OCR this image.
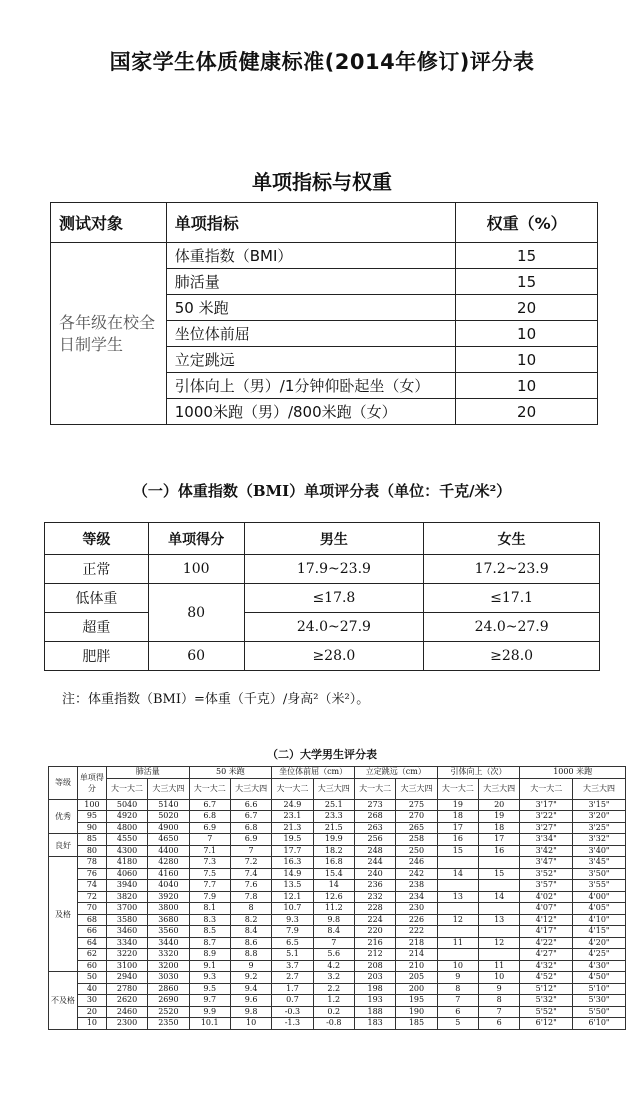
国家学生体质健康标准(2014年修订)评分表
单项指标与权重
测试对象	单项指标	权重（%）
各年级在校全日制学生	体重指数（BMI）	15
	肺活量	15
	50 米跑	20
	坐位体前屈	10
	立定跳远	10
	引体向上（男）/1分钟仰卧起坐（女）	10
	1000米跑（男）/800米跑（女）	20
（一）体重指数（BMI）单项评分表（单位：千克/米²）
等级	单项得分	男生	女生
正常	100	17.9~23.9	17.2~23.9
低体重	80	≤17.8	≤17.1
超重		24.0~27.9	24.0~27.9
肥胖	60	≥28.0	≥28.0
注：体重指数（BMI）=体重（千克）/身高²（米²）。
（二）大学男生评分表
等级	单项得分	肺活量		50 米跑		坐位体前屈（cm）		立定跳远（cm）		引体向上（次）		1000 米跑	
		大一大二	大三大四	大一大二	大三大四	大一大二	大三大四	大一大二	大三大四	大一大二	大三大四	大一大二	大三大四
优秀	100	5040	5140	6.7	6.6	24.9	25.1	273	275	19	20	3'17"	3'15"
	95	4920	5020	6.8	6.7	23.1	23.3	268	270	18	19	3'22"	3'20"
	90	4800	4900	6.9	6.8	21.3	21.5	263	265	17	18	3'27"	3'25"
良好	85	4550	4650	7	6.9	19.5	19.9	256	258	16	17	3'34"	3'32"
	80	4300	4400	7.1	7	17.7	18.2	248	250	15	16	3'42"	3'40"
及格	78	4180	4280	7.3	7.2	16.3	16.8	244	246			3'47"	3'45"
	76	4060	4160	7.5	7.4	14.9	15.4	240	242	14	15	3'52"	3'50"
	74	3940	4040	7.7	7.6	13.5	14	236	238			3'57"	3'55"
	72	3820	3920	7.9	7.8	12.1	12.6	232	234	13	14	4'02"	4'00"
	70	3700	3800	8.1	8	10.7	11.2	228	230			4'07"	4'05"
	68	3580	3680	8.3	8.2	9.3	9.8	224	226	12	13	4'12"	4'10"
	66	3460	3560	8.5	8.4	7.9	8.4	220	222			4'17"	4'15"
	64	3340	3440	8.7	8.6	6.5	7	216	218	11	12	4'22"	4'20"
	62	3220	3320	8.9	8.8	5.1	5.6	212	214			4'27"	4'25"
	60	3100	3200	9.1	9	3.7	4.2	208	210	10	11	4'32"	4'30"
不及格	50	2940	3030	9.3	9.2	2.7	3.2	203	205	9	10	4'52"	4'50"
	40	2780	2860	9.5	9.4	1.7	2.2	198	200	8	9	5'12"	5'10"
	30	2620	2690	9.7	9.6	0.7	1.2	193	195	7	8	5'32"	5'30"
	20	2460	2520	9.9	9.8	-0.3	0.2	188	190	6	7	5'52"	5'50"
	10	2300	2350	10.1	10	-1.3	-0.8	183	185	5	6	6'12"	6'10"
